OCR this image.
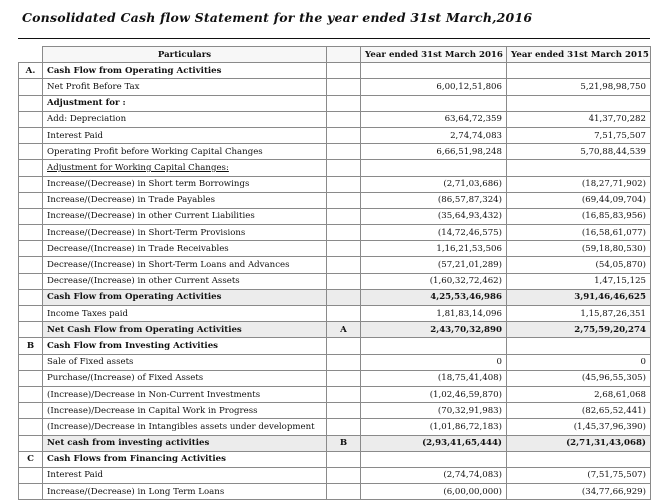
Consolidated Cash flow Statement for the year ended 31st March,2016
	Particulars		Year ended 31st March 2016	Year ended 31st March 2015
A.	Cash Flow from Operating Activities			
	Net Profit Before Tax		6,00,12,51,806	5,21,98,98,750
	Adjustment for :			
	Add: Depreciation		63,64,72,359	41,37,70,282
	Interest Paid		2,74,74,083	7,51,75,507
	Operating Profit before Working Capital Changes		6,66,51,98,248	5,70,88,44,539
	Adjustment for Working Capital Changes:			
	Increase/(Decrease) in Short term Borrowings		(2,71,03,686)	(18,27,71,902)
	Increase/(Decrease) in Trade Payables		(86,57,87,324)	(69,44,09,704)
	Increase/(Decrease) in other Current Liabilities		(35,64,93,432)	(16,85,83,956)
	Increase/(Decrease) in Short-Term Provisions		(14,72,46,575)	(16,58,61,077)
	Decrease/(Increase) in Trade Receivables		1,16,21,53,506	(59,18,80,530)
	Decrease/(Increase) in Short-Term Loans and Advances		(57,21,01,289)	(54,05,870)
	Decrease/(Increase) in other Current Assets		(1,60,32,72,462)	1,47,15,125
	Cash Flow from Operating Activities		4,25,53,46,986	3,91,46,46,625
	Income Taxes paid		1,81,83,14,096	1,15,87,26,351
	Net Cash Flow from Operating Activities	A	2,43,70,32,890	2,75,59,20,274
B	Cash Flow from Investing Activities			
	Sale of Fixed assets		0	0
	Purchase/(Increase) of Fixed Assets		(18,75,41,408)	(45,96,55,305)
	(Increase)/Decrease in Non-Current Investments		(1,02,46,59,870)	2,68,61,068
	(Increase)/Decrease in Capital Work in Progress		(70,32,91,983)	(82,65,52,441)
	(Increase)/Decrease in Intangibles assets under development		(1,01,86,72,183)	(1,45,37,96,390)
	Net cash from investing activities	B	(2,93,41,65,444)	(2,71,31,43,068)
C	Cash Flows from Financing Activities			
	Interest Paid		(2,74,74,083)	(7,51,75,507)
	Increase/(Decrease) in Long Term Loans		(6,00,00,000)	(34,77,66,929)
